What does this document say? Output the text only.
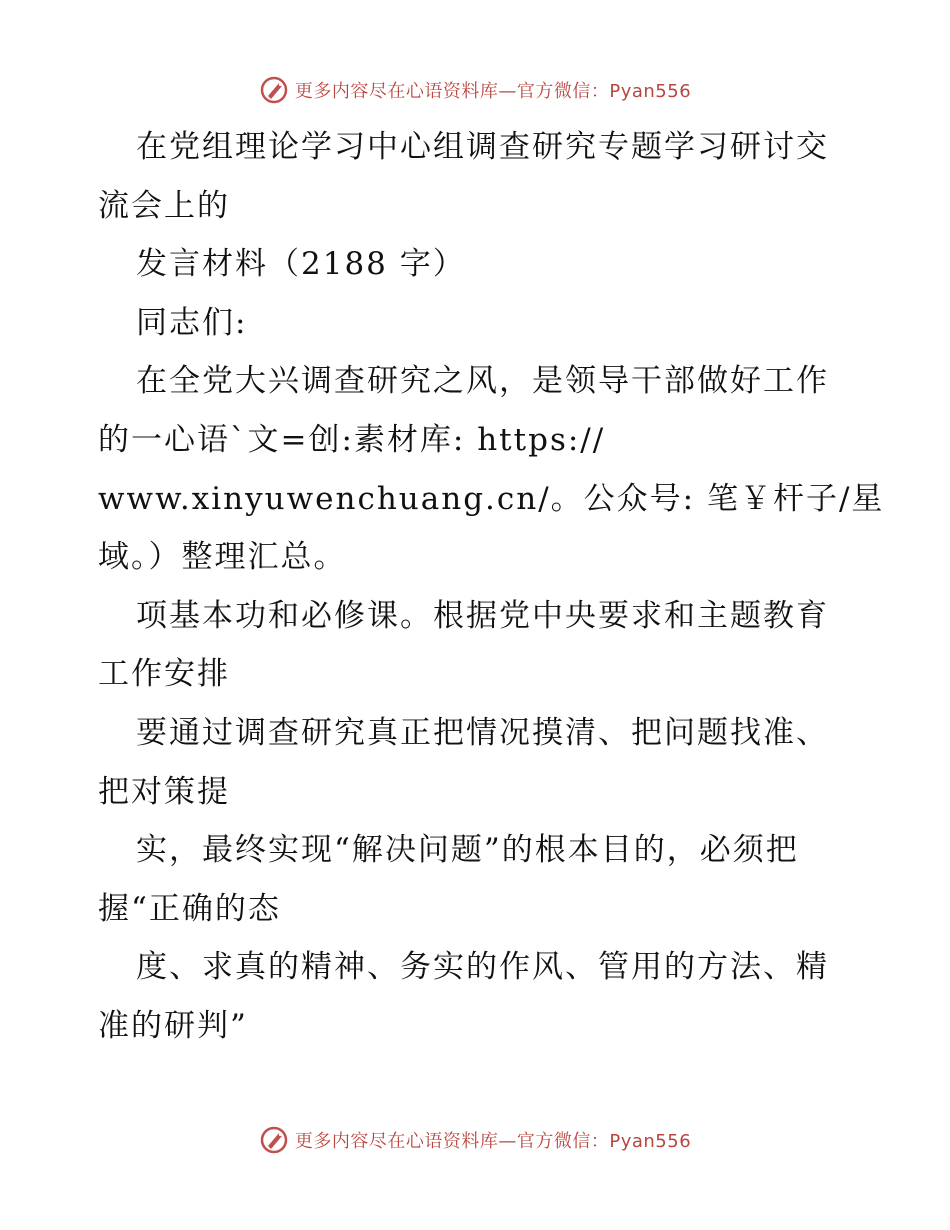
更多内容尽在心语资料库—官方微信：Pyan556
在党组理论学习中心组调查研究专题学习研讨交
流会上的
发言材料（2188 字）
同志们:
在全党大兴调查研究之风，是领导干部做好工作
的一心语`文=创:素材库: https://
www.xinyuwenchuang.cn/。公众号: 笔￥杆子/星
域。）整理汇总。
项基本功和必修课。根据党中央要求和主题教育
工作安排
要通过调查研究真正把情况摸清、把问题找准、
把对策提
实，最终实现“解决问题”的根本目的，必须把
握“正确的态
度、求真的精神、务实的作风、管用的方法、精
准的研判”
更多内容尽在心语资料库—官方微信：Pyan556
